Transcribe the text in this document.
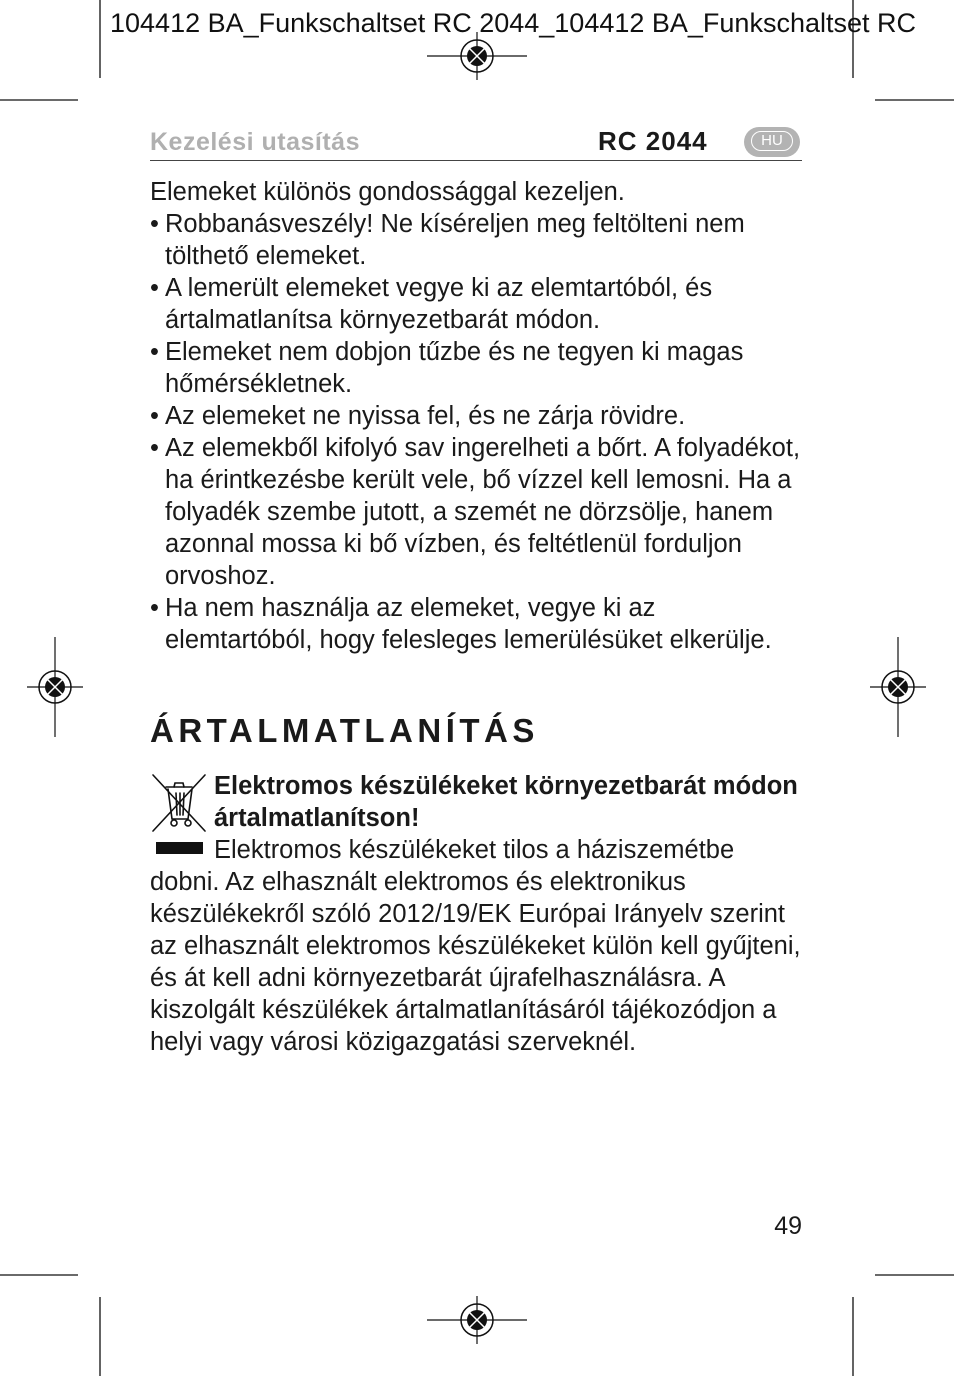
104412 BA_Funkschaltset RC 2044_104412 BA_Funkschaltset RC
Kezelési utasítás	RC 2044	HU

Elemeket különös gondossággal kezeljen.

• Robbanásveszély! Ne kíséreljen meg feltölteni nem tölthető elemeket.
• A lemerült elemeket vegye ki az elemtartóból, és ártalmatlanítsa környezetbarát módon.
• Elemeket nem dobjon tűzbe és ne tegyen ki magas hőmérsékletnek.
• Az elemeket ne nyissa fel, és ne zárja rövidre.
• Az elemekből kifolyó sav ingerelheti a bőrt. A folyadékot, ha érintkezésbe került vele, bő vízzel kell lemosni. Ha a folyadék szembe jutott, a szemét ne dörzsölje, hanem azonnal mossa ki bő vízben, és feltétlenül forduljon orvoshoz.
• Ha nem használja az elemeket, vegye ki az elemtartóból, hogy felesleges lemerülésüket elkerülje.
ÁRTALMATLANÍTÁS

Elektromos készülékeket környezetbarát módon ártalmatlanítson!

Elektromos készülékeket tilos a háziszemétbe dobni. Az elhasznált elektromos és elektronikus készülékekről szóló 2012/19/EK Európai Irányelv szerint az elhasznált elektromos készülékeket külön kell gyűjteni, és át kell adni környezetbarát újrafelhasználásra. A kiszolgált készülékek ártalmatlanításáról tájékozódjon a helyi vagy városi közigazgatási szerveknél.

49
